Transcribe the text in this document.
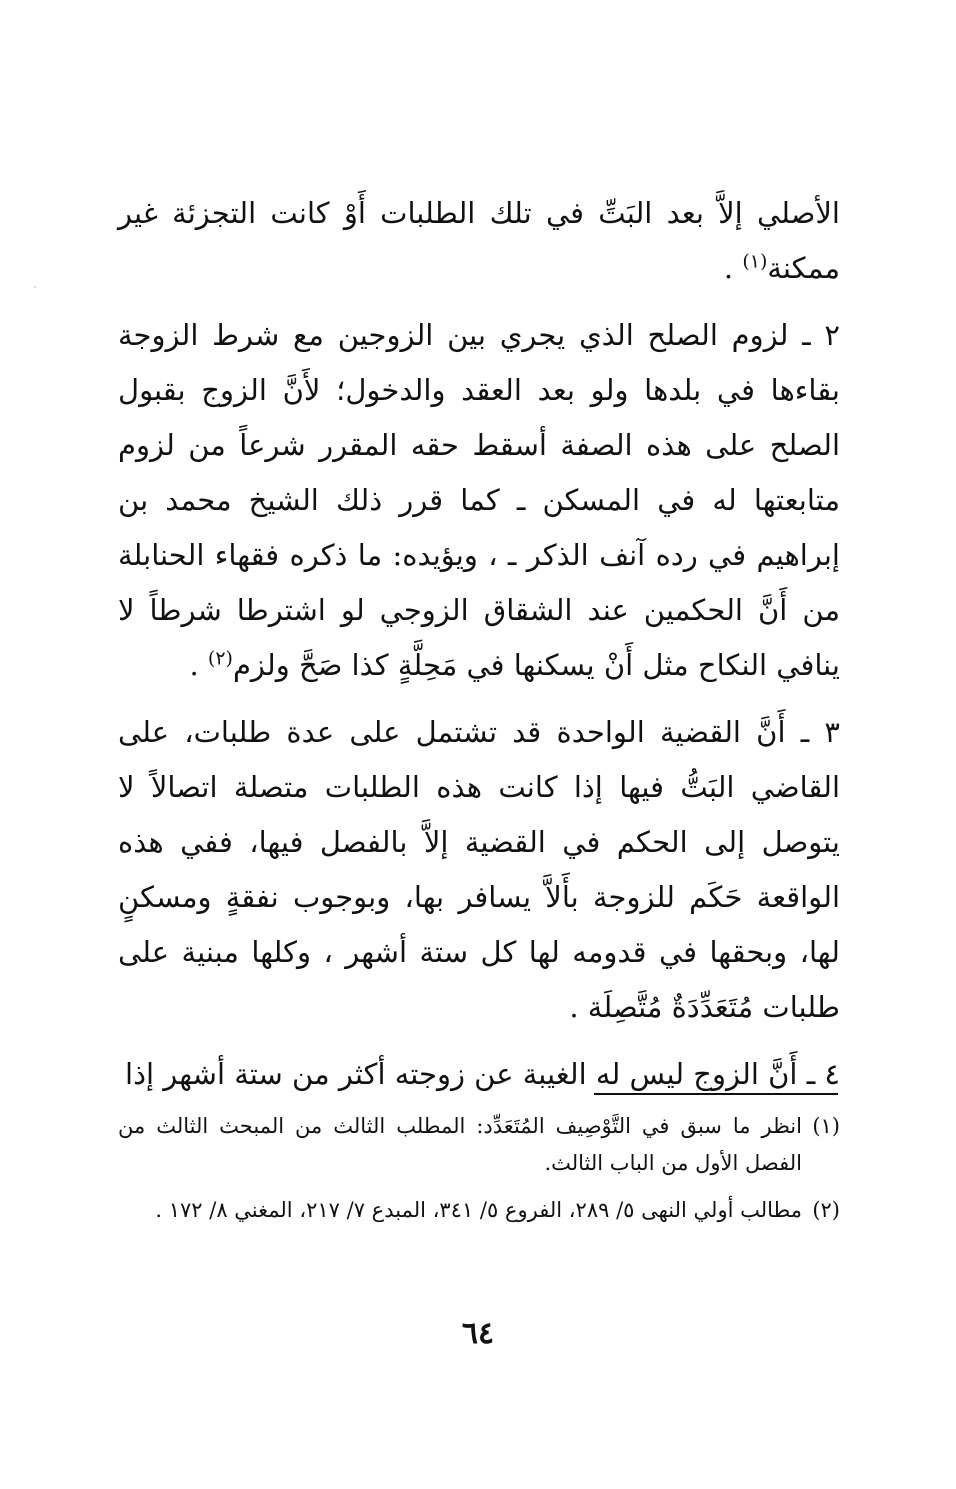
الأصلي إلاَّ بعد البَتِّ في تلك الطلبات أَوْ كانت التجزئة غير ممكنة$^{(١)}$ .

٢ ـ لزوم الصلح الذي يجري بين الزوجين مع شرط الزوجة بقاءها في بلدها ولو بعد العقد والدخول؛ لأَنَّ الزوج بقبول الصلح على هذه الصفة أسقط حقه المقرر شرعاً من لزوم متابعتها له في المسكن ـ كما قرر ذلك الشيخ محمد بن إبراهيم في رده آنف الذكر ـ ، ويؤيده: ما ذكره فقهاء الحنابلة من أَنَّ الحكمين عند الشقاق الزوجي لو اشترطا شرطاً لا ينافي النكاح مثل أَنْ يسكنها في مَحِلَّةٍ كذا صَحَّ ولزم$^{(٢)}$ .

٣ ـ أَنَّ القضية الواحدة قد تشتمل على عدة طلبات، على القاضي البَتُّ فيها إذا كانت هذه الطلبات متصلة اتصالاً لا يتوصل إلى الحكم في القضية إلاَّ بالفصل فيها، ففي هذه الواقعة حَكَم للزوجة بأَلاَّ يسافر بها، وبوجوب نفقةٍ ومسكنٍ لها، وبحقها في قدومه لها كل ستة أشهر ، وكلها مبنية على طلبات مُتَعَدِّدَةٌ مُتَّصِلَة .

٤ ـ أَنَّ الزوج ليس له الغيبة عن زوجته أكثر من ستة أشهر إذا

(١)
انظر ما سبق في التَّوْصِيف المُتَعَدِّد: المطلب الثالث من المبحث الثالث من الفصل الأول من الباب الثالث.
(٢)
مطالب أولي النهى ٥/ ٢٨٩، الفروع ٥/ ٣٤١، المبدع ٧/ ٢١٧، المغني ٨/ ١٧٢ .
٦٤
